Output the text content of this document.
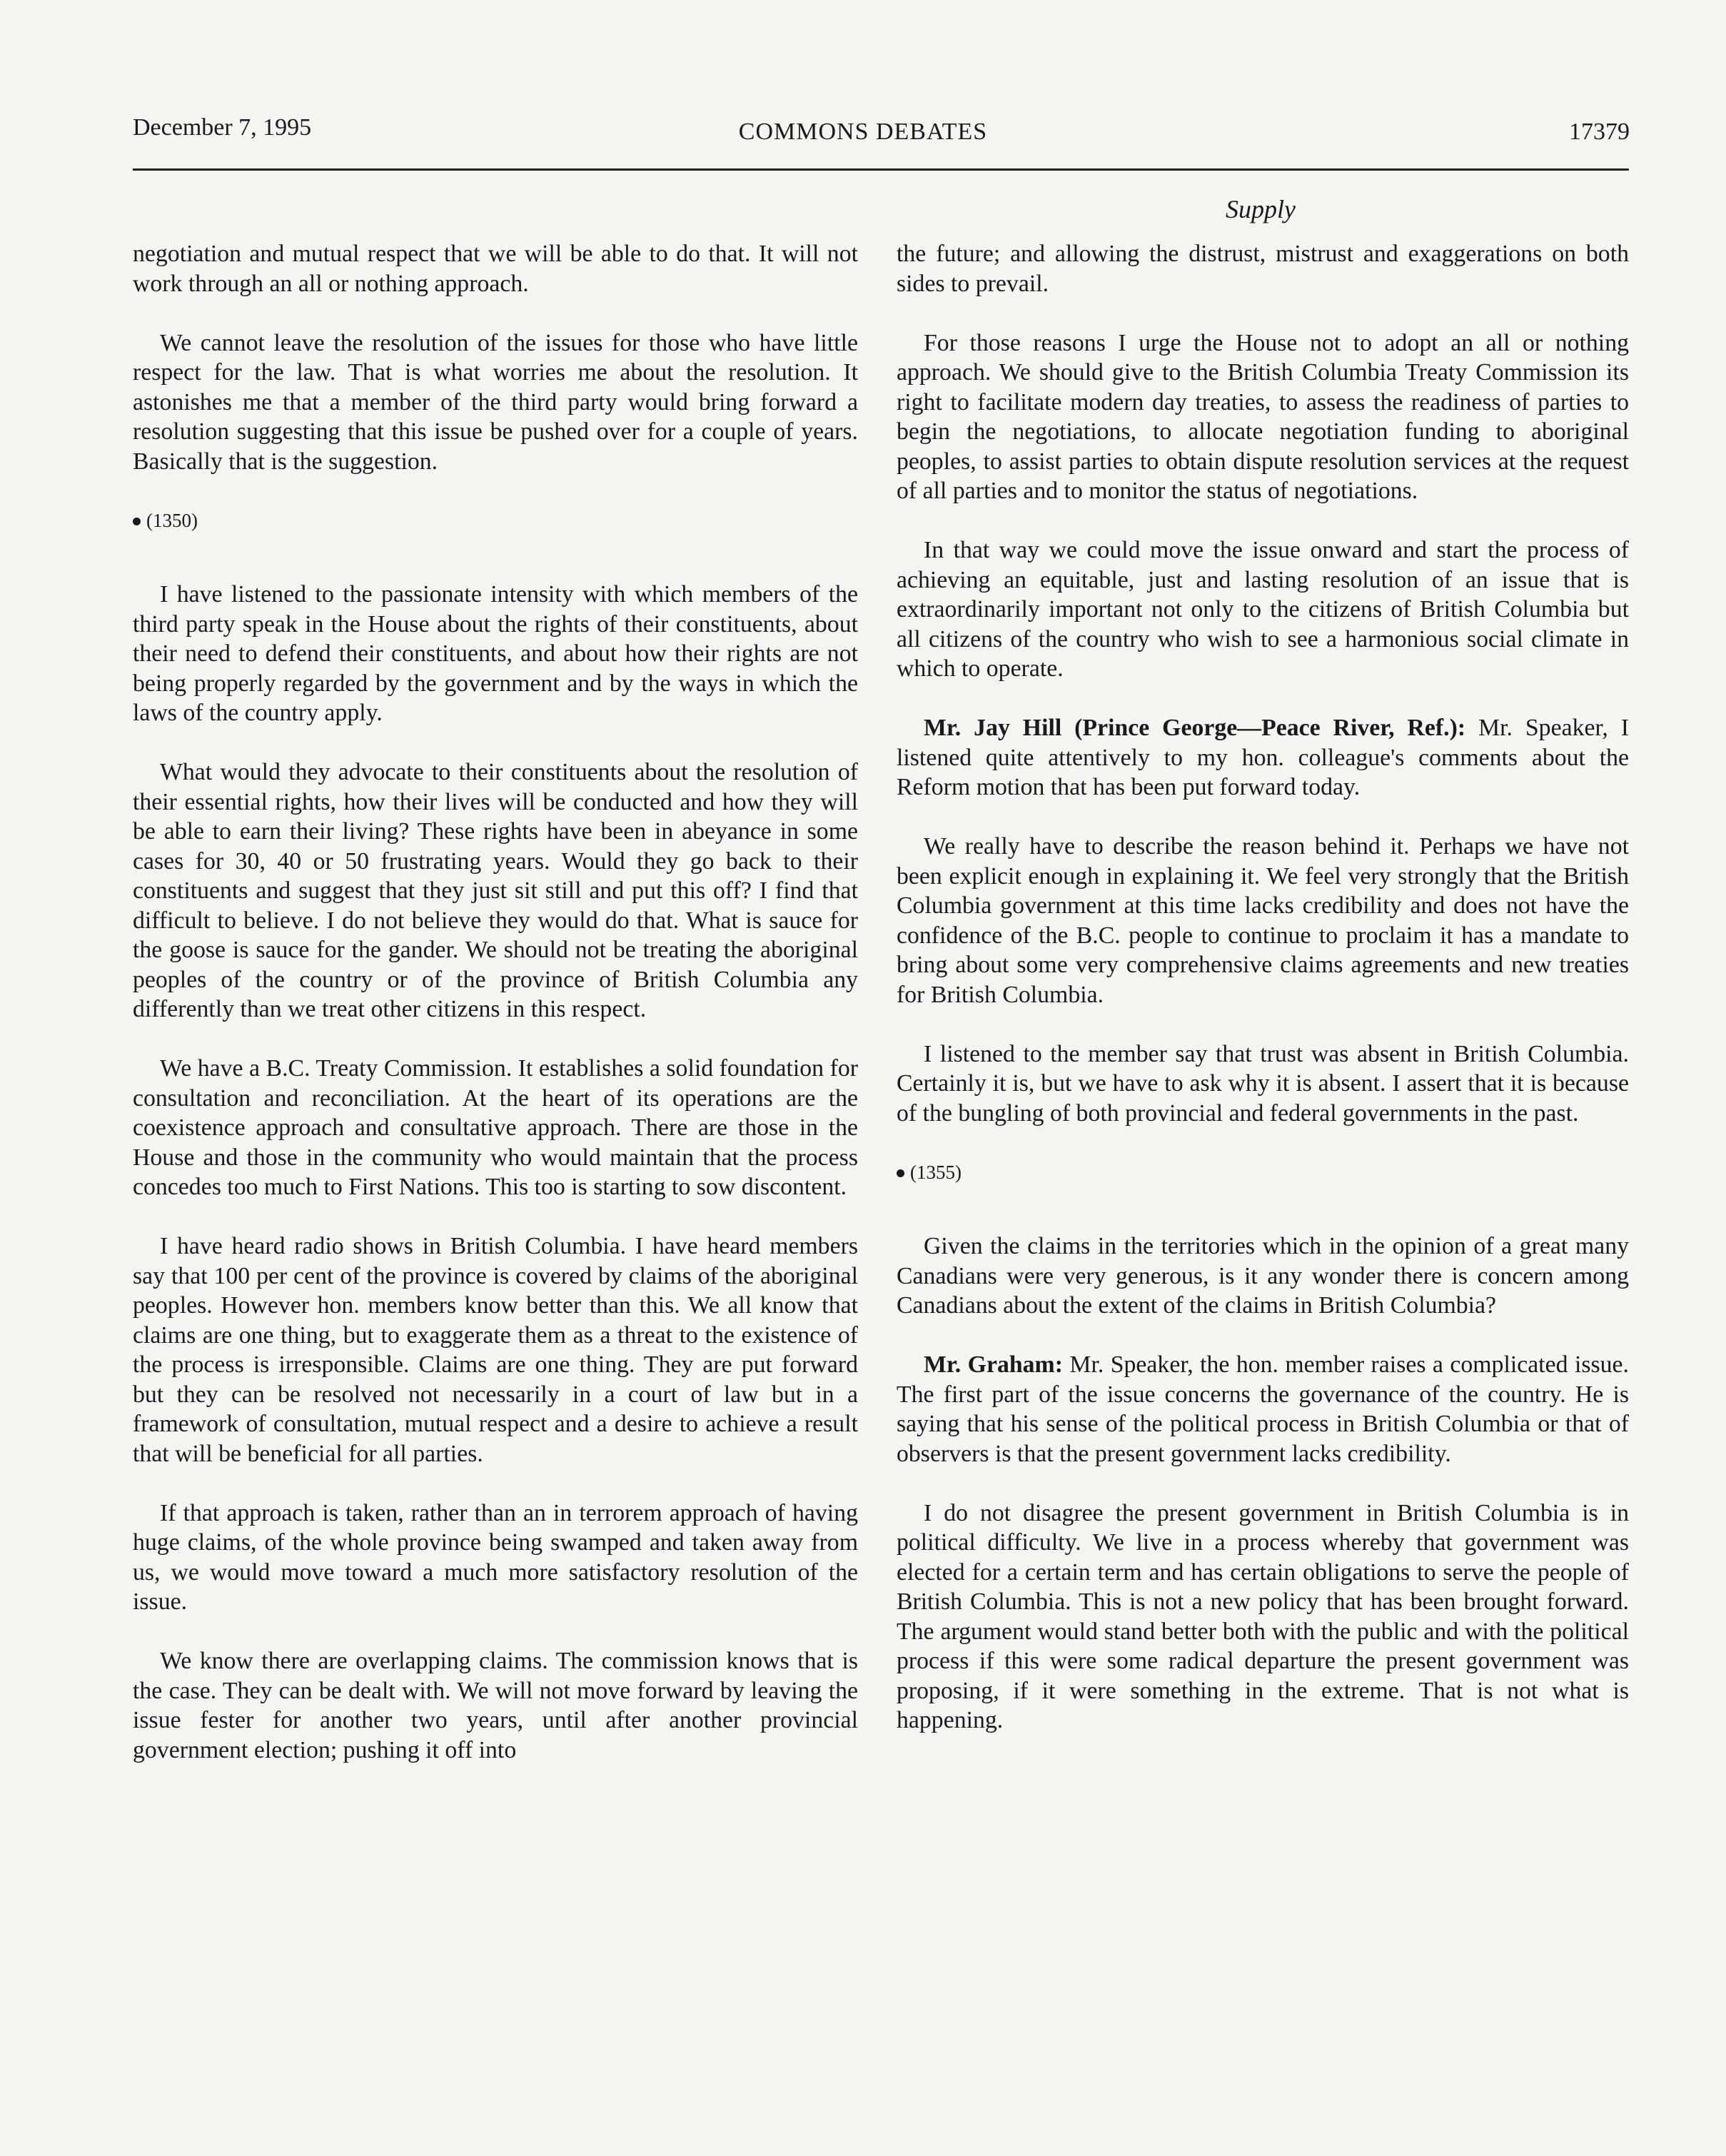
December 7, 1995	COMMONS DEBATES	17379
Supply

negotiation and mutual respect that we will be able to do that. It will not work through an all or nothing approach.

We cannot leave the resolution of the issues for those who have little respect for the law. That is what worries me about the resolution. It astonishes me that a member of the third party would bring forward a resolution suggesting that this issue be pushed over for a couple of years. Basically that is the suggestion.

(1350)

I have listened to the passionate intensity with which members of the third party speak in the House about the rights of their constituents, about their need to defend their constituents, and about how their rights are not being properly regarded by the government and by the ways in which the laws of the country apply.

What would they advocate to their constituents about the resolution of their essential rights, how their lives will be conducted and how they will be able to earn their living? These rights have been in abeyance in some cases for 30, 40 or 50 frustrating years. Would they go back to their constituents and suggest that they just sit still and put this off? I find that difficult to believe. I do not believe they would do that. What is sauce for the goose is sauce for the gander. We should not be treating the aboriginal peoples of the country or of the province of British Columbia any differently than we treat other citizens in this respect.

We have a B.C. Treaty Commission. It establishes a solid foundation for consultation and reconciliation. At the heart of its operations are the coexistence approach and consultative approach. There are those in the House and those in the community who would maintain that the process concedes too much to First Nations. This too is starting to sow discontent.

I have heard radio shows in British Columbia. I have heard members say that 100 per cent of the province is covered by claims of the aboriginal peoples. However hon. members know better than this. We all know that claims are one thing, but to exaggerate them as a threat to the existence of the process is irresponsible. Claims are one thing. They are put forward but they can be resolved not necessarily in a court of law but in a framework of consultation, mutual respect and a desire to achieve a result that will be beneficial for all parties.

If that approach is taken, rather than an in terrorem approach of having huge claims, of the whole province being swamped and taken away from us, we would move toward a much more satisfactory resolution of the issue.

We know there are overlapping claims. The commission knows that is the case. They can be dealt with. We will not move forward by leaving the issue fester for another two years, until after another provincial government election; pushing it off into

the future; and allowing the distrust, mistrust and exaggerations on both sides to prevail.

For those reasons I urge the House not to adopt an all or nothing approach. We should give to the British Columbia Treaty Commission its right to facilitate modern day treaties, to assess the readiness of parties to begin the negotiations, to allocate negotiation funding to aboriginal peoples, to assist parties to obtain dispute resolution services at the request of all parties and to monitor the status of negotiations.

In that way we could move the issue onward and start the process of achieving an equitable, just and lasting resolution of an issue that is extraordinarily important not only to the citizens of British Columbia but all citizens of the country who wish to see a harmonious social climate in which to operate.

Mr. Jay Hill (Prince George—Peace River, Ref.): Mr. Speaker, I listened quite attentively to my hon. colleague's comments about the Reform motion that has been put forward today.

We really have to describe the reason behind it. Perhaps we have not been explicit enough in explaining it. We feel very strongly that the British Columbia government at this time lacks credibility and does not have the confidence of the B.C. people to continue to proclaim it has a mandate to bring about some very comprehensive claims agreements and new treaties for British Columbia.

I listened to the member say that trust was absent in British Columbia. Certainly it is, but we have to ask why it is absent. I assert that it is because of the bungling of both provincial and federal governments in the past.

(1355)

Given the claims in the territories which in the opinion of a great many Canadians were very generous, is it any wonder there is concern among Canadians about the extent of the claims in British Columbia?

Mr. Graham: Mr. Speaker, the hon. member raises a complicated issue. The first part of the issue concerns the governance of the country. He is saying that his sense of the political process in British Columbia or that of observers is that the present government lacks credibility.

I do not disagree the present government in British Columbia is in political difficulty. We live in a process whereby that government was elected for a certain term and has certain obligations to serve the people of British Columbia. This is not a new policy that has been brought forward. The argument would stand better both with the public and with the political process if this were some radical departure the present government was proposing, if it were something in the extreme. That is not what is happening.
